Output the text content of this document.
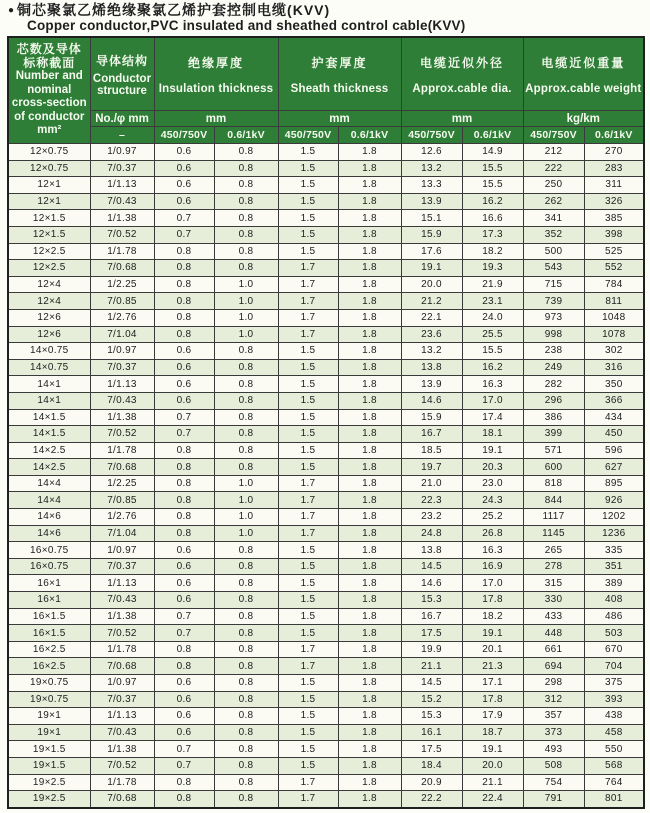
● 铜芯聚氯乙烯绝缘聚氯乙烯护套控制电缆(KVV)
Copper conductor,PVC insulated and sheathed control cable(KVV)
芯数及导体
标称截面
Number and
nominal
cross-section
of conductor
mm²

导体结构
Conductor
structure

绝缘厚度
Insulation thickness

护套厚度
Sheath thickness

电缆近似外径
Approx.cable dia.

电缆近似重量
Approx.cable weight

	No./φ mm	mm		mm		mm		kg/km	
	–	450/750V	0.6/1kV	450/750V	0.6/1kV	450/750V	0.6/1kV	450/750V	0.6/1kV
12×0.75	1/0.97	0.6	0.8	1.5	1.8	12.6	14.9	212	270
12×0.75	7/0.37	0.6	0.8	1.5	1.8	13.2	15.5	222	283
12×1	1/1.13	0.6	0.8	1.5	1.8	13.3	15.5	250	311
12×1	7/0.43	0.6	0.8	1.5	1.8	13.9	16.2	262	326
12×1.5	1/1.38	0.7	0.8	1.5	1.8	15.1	16.6	341	385
12×1.5	7/0.52	0.7	0.8	1.5	1.8	15.9	17.3	352	398
12×2.5	1/1.78	0.8	0.8	1.5	1.8	17.6	18.2	500	525
12×2.5	7/0.68	0.8	0.8	1.7	1.8	19.1	19.3	543	552
12×4	1/2.25	0.8	1.0	1.7	1.8	20.0	21.9	715	784
12×4	7/0.85	0.8	1.0	1.7	1.8	21.2	23.1	739	811
12×6	1/2.76	0.8	1.0	1.7	1.8	22.1	24.0	973	1048
12×6	7/1.04	0.8	1.0	1.7	1.8	23.6	25.5	998	1078
14×0.75	1/0.97	0.6	0.8	1.5	1.8	13.2	15.5	238	302
14×0.75	7/0.37	0.6	0.8	1.5	1.8	13.8	16.2	249	316
14×1	1/1.13	0.6	0.8	1.5	1.8	13.9	16.3	282	350
14×1	7/0.43	0.6	0.8	1.5	1.8	14.6	17.0	296	366
14×1.5	1/1.38	0.7	0.8	1.5	1.8	15.9	17.4	386	434
14×1.5	7/0.52	0.7	0.8	1.5	1.8	16.7	18.1	399	450
14×2.5	1/1.78	0.8	0.8	1.5	1.8	18.5	19.1	571	596
14×2.5	7/0.68	0.8	0.8	1.5	1.8	19.7	20.3	600	627
14×4	1/2.25	0.8	1.0	1.7	1.8	21.0	23.0	818	895
14×4	7/0.85	0.8	1.0	1.7	1.8	22.3	24.3	844	926
14×6	1/2.76	0.8	1.0	1.7	1.8	23.2	25.2	1117	1202
14×6	7/1.04	0.8	1.0	1.7	1.8	24.8	26.8	1145	1236
16×0.75	1/0.97	0.6	0.8	1.5	1.8	13.8	16.3	265	335
16×0.75	7/0.37	0.6	0.8	1.5	1.8	14.5	16.9	278	351
16×1	1/1.13	0.6	0.8	1.5	1.8	14.6	17.0	315	389
16×1	7/0.43	0.6	0.8	1.5	1.8	15.3	17.8	330	408
16×1.5	1/1.38	0.7	0.8	1.5	1.8	16.7	18.2	433	486
16×1.5	7/0.52	0.7	0.8	1.5	1.8	17.5	19.1	448	503
16×2.5	1/1.78	0.8	0.8	1.7	1.8	19.9	20.1	661	670
16×2.5	7/0.68	0.8	0.8	1.7	1.8	21.1	21.3	694	704
19×0.75	1/0.97	0.6	0.8	1.5	1.8	14.5	17.1	298	375
19×0.75	7/0.37	0.6	0.8	1.5	1.8	15.2	17.8	312	393
19×1	1/1.13	0.6	0.8	1.5	1.8	15.3	17.9	357	438
19×1	7/0.43	0.6	0.8	1.5	1.8	16.1	18.7	373	458
19×1.5	1/1.38	0.7	0.8	1.5	1.8	17.5	19.1	493	550
19×1.5	7/0.52	0.7	0.8	1.5	1.8	18.4	20.0	508	568
19×2.5	1/1.78	0.8	0.8	1.7	1.8	20.9	21.1	754	764
19×2.5	7/0.68	0.8	0.8	1.7	1.8	22.2	22.4	791	801
